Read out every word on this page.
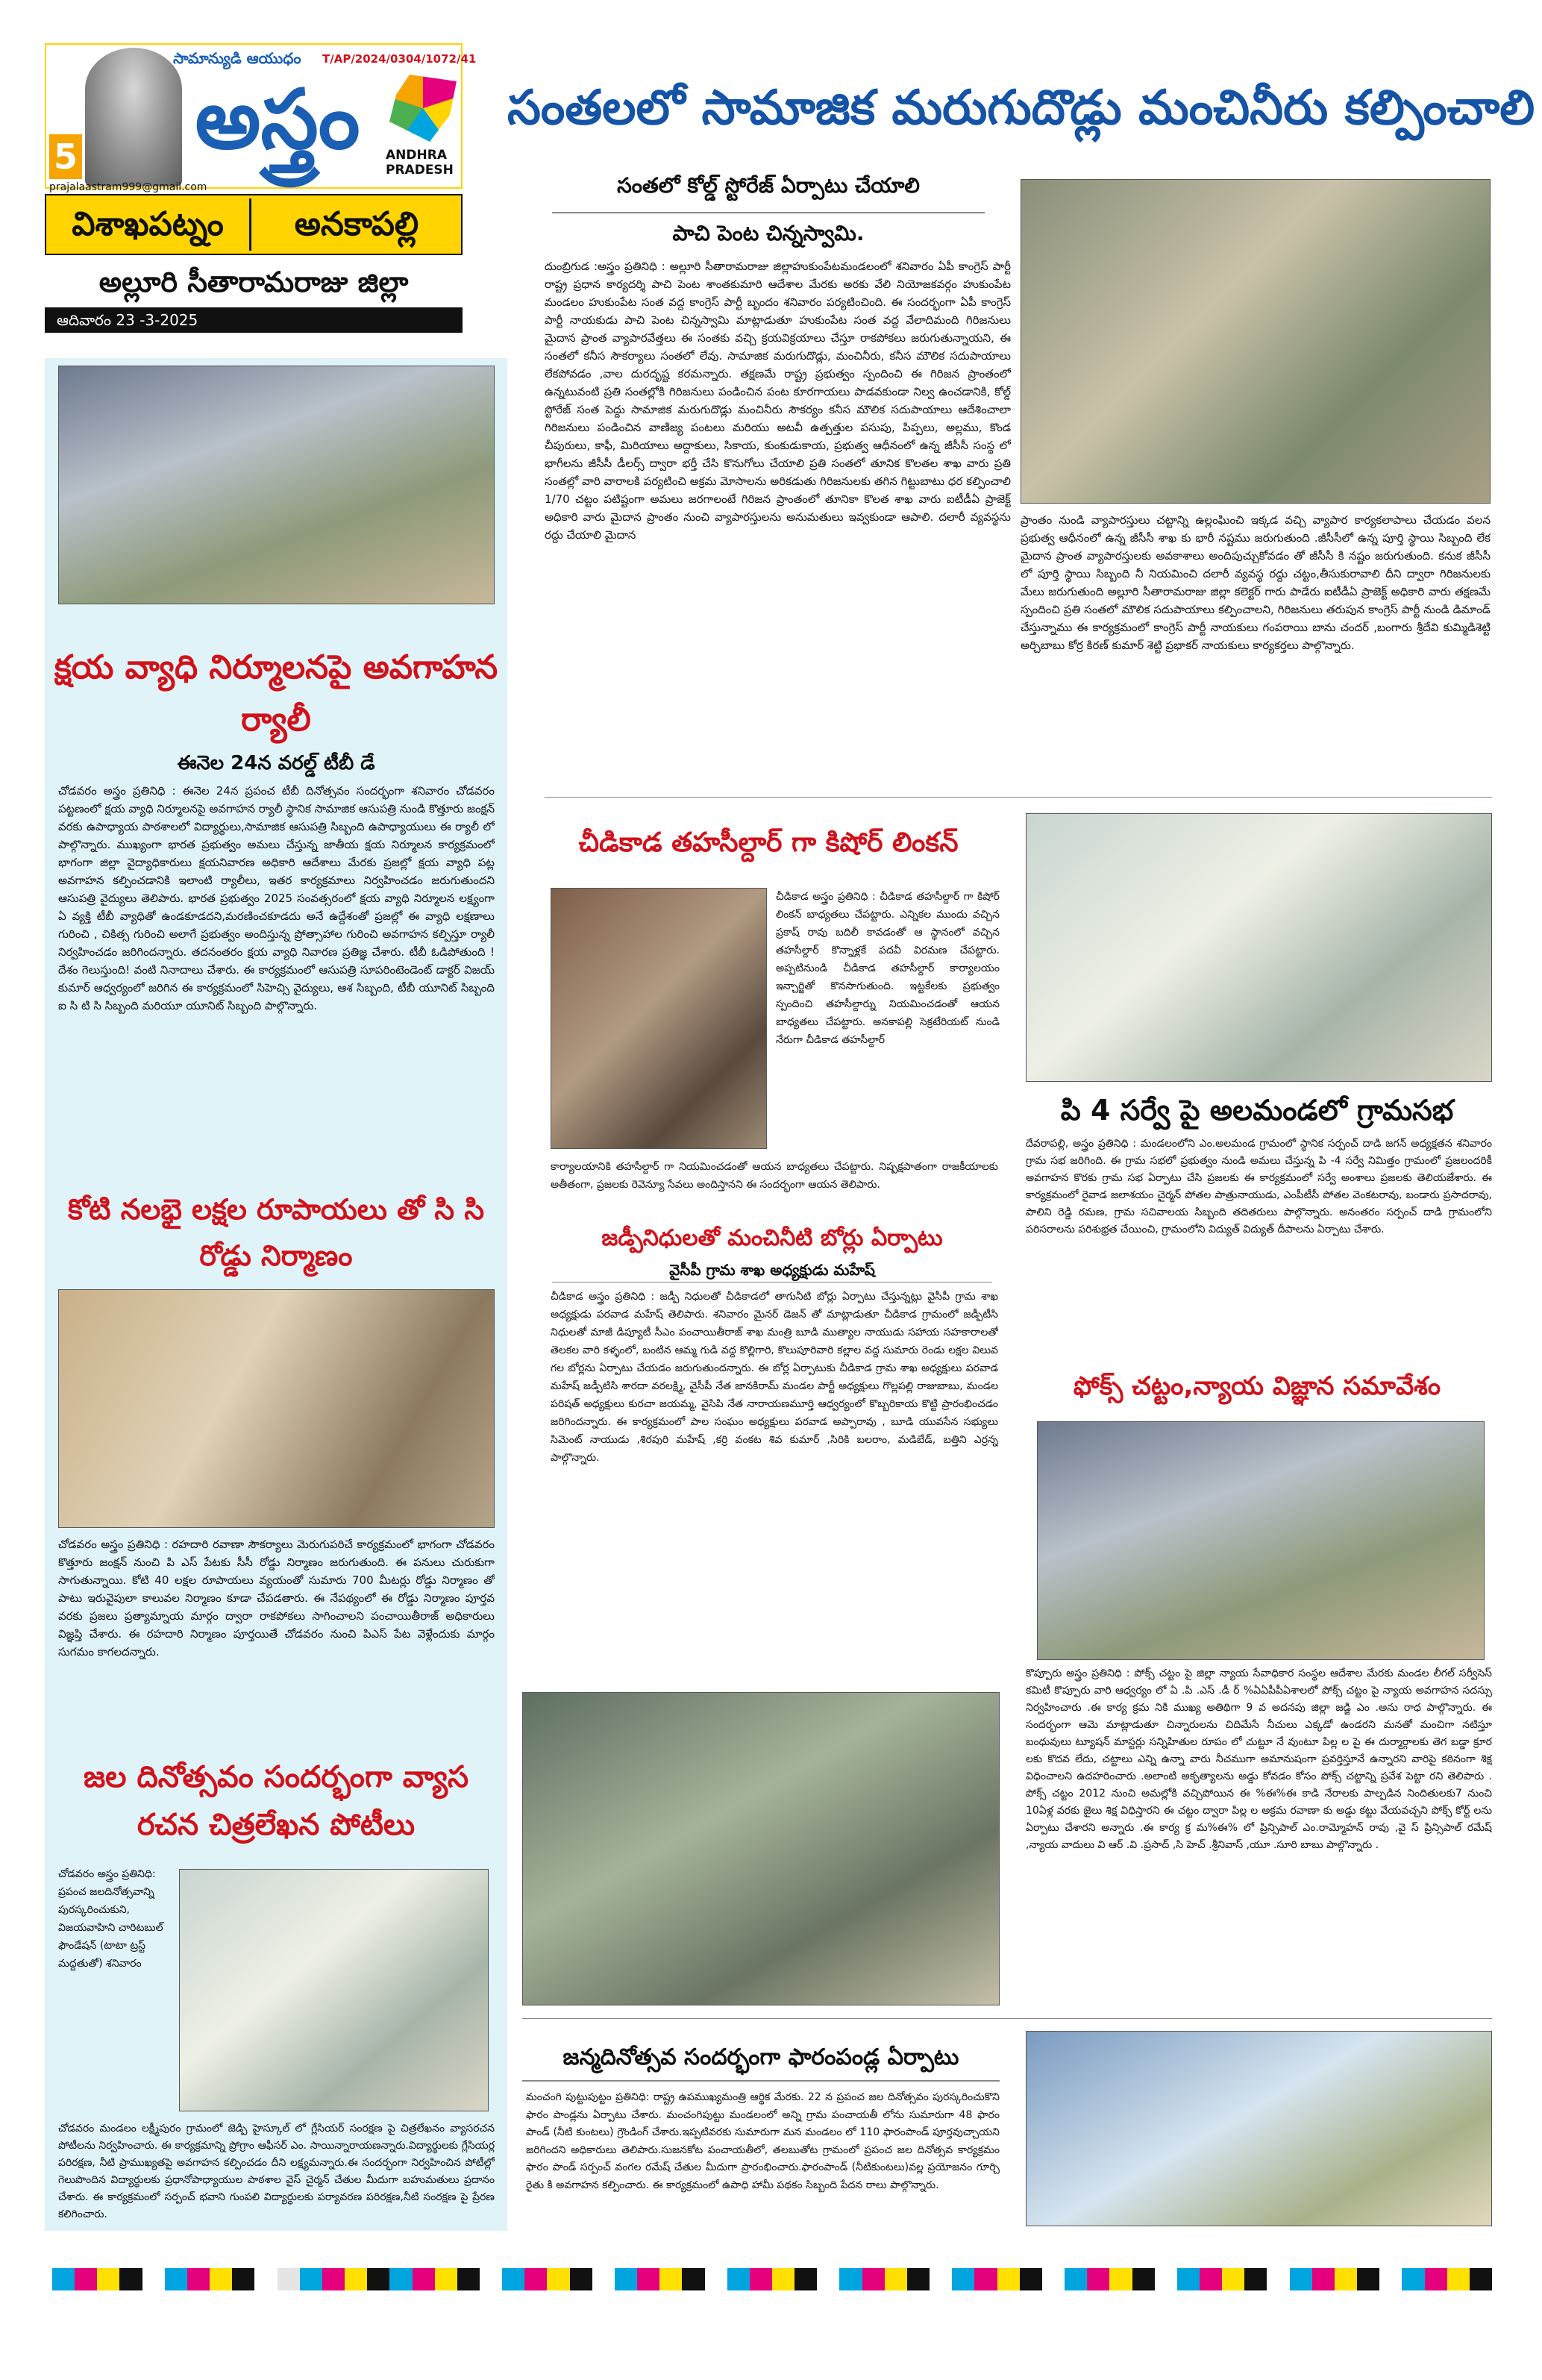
5
సామాన్యుడి ఆయుధం	T/AP/2024/0304/1072/41
అస్త్రం	ANDHRA PRADESH
prajalaastram999@gmail.com
విశాఖపట్నం	అనకాపల్లి
అల్లూరి సీతారామరాజు జిల్లా
ఆదివారం 23 -3-2025
సంతలలో సామాజిక మరుగుదొడ్లు మంచినీరు కల్పించాలి
సంతలో కోల్డ్ స్టోరేజ్ ఏర్పాటు చేయాలి
పాచి పెంట చిన్నస్వామి.
దుంబ్రిగుడ :అస్త్రం ప్రతినిధి : అల్లూరి సీతారామరాజు జిల్లాహుకుంపేటమండలంలో శనివారం ఏపీ కాంగ్రెస్ పార్టీ రాష్ట్ర ప్రధాన కార్యదర్శి పాచి పెంట శాంతకుమారి ఆదేశాల మేరకు అరకు వేలి నియోజకవర్గం హుకుంపేట మండలం హుకుంపేట సంత వద్ద కాంగ్రెస్ పార్టీ బృందం శనివారం పర్యటించింది. ఈ సందర్భంగా ఏపీ కాంగ్రెస్ పార్టీ నాయకుడు పాచి పెంట చిన్నస్వామి మాట్లాడుతూ హుకుంపేట సంత వద్ద వేలాదిమంది గిరిజనులు మైదాన ప్రాంత వ్యాపారవేత్తలు ఈ సంతకు వచ్చి క్రయవిక్రయాలు చేస్తూ రాకపోకలు జరుగుతున్నాయని, ఈ సంతలో కనీస సౌకర్యాలు సంతలో లేవు. సామాజిక మరుగుదొడ్లు, మంచినీరు, కనీస మౌలిక సదుపాయాలు లేకపోవడం ,వాల దురదృష్ట కరమన్నారు. తక్షణమే రాష్ట్ర ప్రభుత్వం స్పందించి ఈ గిరిజన ప్రాంతంలో ఉన్నటువంటి ప్రతి సంతల్లోకి గిరిజనులు పండించిన పంట కూరగాయలు పాడవకుండా నిల్వ ఉంచడానికి, కోల్డ్ స్టోరేజ్ సంత పెద్దు సామాజిక మరుగుదొడ్లు మంచినీరు సౌకర్యం కనీస మౌలిక సదుపాయాలు ఆదేశించాలా గిరిజనులు పండించిన వాణిజ్య పంటలు మరియు అటవీ ఉత్పత్తుల పసుపు, పిప్పలు, అల్లము, కొండ చీపురులు, కాఫీ, మిరియాలు అద్దాకులు, సికాయ, కుంకుడుకాయ, ప్రభుత్వ ఆధీనంలో ఉన్న జీసీసీ సంస్థ లో భాగీలను జీసీసీ డీలర్స్ ద్వారా భర్తీ చేసి కొనుగోలు చేయాలి ప్రతి సంతలో తూనిక కొలతల శాఖ వారు ప్రతి సంతల్లో వారి వారాలకి పర్యటించి అక్రమ మోసాలను అరికడుతు గిరిజనులకు తగిన గిట్టుబాటు ధర కల్పించాలి 1/70 చట్టం పటిష్టంగా అమలు జరగాలంటే గిరిజన ప్రాంతంలో తూనికా కొలత శాఖ వారు ఐటీడీఏ ప్రాజెక్ట్ అధికారి వారు మైదాన ప్రాంతం నుంచి వ్యాపారస్తులను అనుమతులు ఇవ్వకుండా ఆపాలి. దలారీ వ్యవస్థను రద్దు చేయాలి మైదాన
ప్రాంతం నుండి వ్యాపారస్తులు చట్టాన్ని ఉల్లంఘించి ఇక్కడ వచ్చి వ్యాపార కార్యకలాపాలు చేయడం వలన ప్రభుత్వ ఆధీనంలో ఉన్న జీసీసీ శాఖ కు భారీ నష్టము జరుగుతుంది .జీసీసీలో ఉన్న పూర్తి స్థాయి సిబ్బంది లేక మైదాన ప్రాంత వ్యాపారస్తులకు అవకాశాలు అందిపుచ్చుకోవడం తో జీసీసీ కి నష్టం జరుగుతుంది. కనుక జీసీసీ లో పూర్తి స్థాయి సిబ్బంది నీ నియమించి దలారీ వ్యవస్థ రద్దు చట్టం,తీసుకురావాలి దీని ద్వారా గిరిజనులకు మేలు జరుగుతుంది అల్లూరి సీతారామరాజు జిల్లా కలెక్టర్ గారు పాడేరు ఐటీడీఏ ప్రాజెక్ట్ అధికారి వారు తక్షణమే స్పందించి ప్రతి సంతలో మౌలిక సదుపాయాలు కల్పించాలని, గిరిజనులు తరుపున కాంగ్రెస్ పార్టీ నుండి డిమాండ్ చేస్తున్నాము ఈ కార్యక్రమంలో కాంగ్రెస్ పార్టీ నాయకులు గంపరాయి బాను చందర్ ,బంగారు శ్రీదేవి కుమ్మిడిశెట్టి అర్చిబాబు కోర్ర కిరణ్ కుమార్ శెట్టి ప్రభాకర్ నాయకులు కార్యకర్తలు పాల్గొన్నారు.
క్షయ వ్యాధి నిర్మూలనపై అవగాహన ర్యాలీ
ఈనెల 24న వరల్డ్ టీబీ డే
చోడవరం అస్త్రం ప్రతినిధి : ఈనెల 24న ప్రపంచ టీబీ దినోత్సవం సందర్భంగా శనివారం చోడవరం పట్టణంలో క్షయ వ్యాధి నిర్మూలనపై అవగాహన ర్యాలీ స్థానిక సామాజిక ఆసుపత్రి నుండి కొత్తూరు జంక్షన్ వరకు ఉపాధ్యాయ పాఠశాలలో విద్యార్థులు,సామాజిక ఆసుపత్రి సిబ్బంది ఉపాధ్యాయులు ఈ ర్యాలీ లో పాల్గొన్నారు. ముఖ్యంగా భారత ప్రభుత్వం అమలు చేస్తున్న జాతీయ క్షయ నిర్మూలన కార్యక్రమంలో భాగంగా జిల్లా వైద్యాధికారులు క్షయనివారణ అధికారి ఆదేశాలు మేరకు ప్రజల్లో క్షయ వ్యాధి పట్ల అవగాహన కల్పించడానికి ఇలాంటి ర్యాలీలు, ఇతర కార్యక్రమాలు నిర్వహించడం జరుగుతుందని ఆసుపత్రి వైద్యులు తెలిపారు. భారత ప్రభుత్వం 2025 సంవత్సరంలో క్షయ వ్యాధి నిర్మూలన లక్ష్యంగా ఏ వ్యక్తి టీబీ వ్యాధితో ఉండకూడదని,మరణించకూడదు అనే ఉద్దేశంతో ప్రజల్లో ఈ వ్యాధి లక్షణాలు గురించి , చికిత్స గురించి అలాగే ప్రభుత్వం అందిస్తున్న ప్రోత్సాహాల గురించి అవగాహన కల్పిస్తూ ర్యాలీ నిర్వహించడం జరిగిందన్నారు. తదనంతరం క్షయ వ్యాధి నివారణ ప్రతిజ్ఞ చేశారు. టీబీ ఓడిపోతుంది ! దేశం గెలుస్తుంది! వంటి నినాదాలు చేశారు. ఈ కార్యక్రమంలో ఆసుపత్రి సూపరింటెండెంట్ డాక్టర్ విజయ్ కుమార్ ఆధ్వర్యంలో జరిగిన ఈ కార్యక్రమంలో సిహెచ్సి వైద్యులు, ఆశ సిబ్బంది, టీబీ యూనిట్ సిబ్బంది ఐ సి టి సి సిబ్బంది మరియూ యూనిట్ సిబ్బంది పాల్గొన్నారు.
కోటి నలభై లక్షల రూపాయలు తో సి సి రోడ్డు నిర్మాణం
చోడవరం అస్త్రం ప్రతినిధి : రహదారి రవాణా సౌకర్యాలు మెరుగుపరిచే కార్యక్రమంలో భాగంగా చోడవరం కొత్తూరు జంక్షన్ నుంచి పి ఎస్ పేటకు సీసీ రోడ్డు నిర్మాణం జరుగుతుంది. ఈ పనులు చురుకుగా సాగుతున్నాయి. కోటి 40 లక్షల రూపాయలు వ్యయంతో సుమారు 700 మీటర్లు రోడ్డు నిర్మాణం తో పాటు ఇరువైపులా కాలువల నిర్మాణం కూడా చేపడతారు. ఈ నేపథ్యంలో ఈ రోడ్డు నిర్మాణం పూర్తవ వరకు ప్రజలు ప్రత్యామ్నాయ మార్గం ద్వారా రాకపోకలు సాగించాలని పంచాయితీరాజ్ అధికారులు విజ్ఞప్తి చేశారు. ఈ రహదారి నిర్మాణం పూర్తయితే చోడవరం నుంచి పిఎస్ పేట వెళ్లేందుకు మార్గం సుగమం కాగలదన్నారు.
జల దినోత్సవం సందర్భంగా వ్యాస రచన చిత్రలేఖన పోటీలు
చోడవరం అస్త్రం ప్రతినిధి: ప్రపంచ జలదినోత్సవాన్ని పురస్కరించుకుని, విజయవాహిని చారిటబుల్ ఫౌండేషన్ (టాటా ట్రస్ట్ మద్దతుతో) శనివారం
చోడవరం మండలం లక్ష్మీపురం గ్రామంలో జెడ్పి హైస్కూల్ లో గ్లేసియర్ సంరక్షణ పై చిత్రలేఖనం వ్యాసరచన పోటీలను నిర్వహించారు. ఈ కార్యక్రమాన్ని ప్రోగ్రాం ఆఫీసర్ ఎం. సాయిన్నారాయణన్నారు.విద్యార్థులకు గ్లేసియర్ల పరిరక్షణ, నీటి ప్రాముఖ్యతపై అవగాహన కల్పించడం దీని లక్ష్యమన్నారు.ఈ సందర్భంగా నిర్వహించిన పోటీల్లో గెలుపొందిన విద్యార్థులకు ప్రధానోపాధ్యాయుల పాఠశాల వైస్ చైర్మన్ చేతుల మీదుగా బహుమతులు ప్రదానం చేశారు. ఈ కార్యక్రమంలో సర్పంచ్ భవాని గుంపలి విద్యార్థులకు పర్యావరణ పరిరక్షణ,నీటి సంరక్షణ పై ప్రేరణ కలిగించారు.
చీడికాడ తహసీల్దార్ గా కిషోర్ లింకన్
చీడికాడ అస్త్రం ప్రతినిధి : చీడికాడ తహసీల్దార్ గా కిషోర్ లింకన్ బాధ్యతలు చేపట్టారు. ఎన్నికల ముందు వచ్చిన ప్రకాష్ రావు బదిలీ కావడంతో ఆ స్థానంలో వచ్చిన తహసీల్దార్ కొన్నాళ్లకే పదవీ విరమణ చేపట్టారు. అప్పటినుండి చీడికాడ తహసీల్దార్ కార్యాలయం ఇన్చార్జితో కొనసాగుతుంది. ఇట్టకేలకు ప్రభుత్వం స్పందించి తహసీల్దార్ను నియమించడంతో ఆయన బాధ్యతలు చేపట్టారు. అనకాపల్లి సెక్రటేరియట్ నుండి నేరుగా చీడికాడ తహసీల్దార్
కార్యాలయానికి తహసీల్దార్ గా నియమించడంతో ఆయన బాధ్యతలు చేపట్టారు. నిష్పక్షపాతంగా రాజకీయాలకు అతీతంగా, ప్రజలకు రెవెన్యూ సేవలు అందిస్తానని ఈ సందర్భంగా ఆయన తెలిపారు.
జడ్పీనిధులతో మంచినీటి బోర్లు ఏర్పాటు
వైసీపీ గ్రామ శాఖ అధ్యక్షుడు మహేష్
చీడికాడ అస్త్రం ప్రతినిధి : జడ్పీ నిధులతో చీడికాడలో తాగునీటి బోర్లు ఏర్పాటు చేస్తున్నట్లు వైసీపీ గ్రామ శాఖ అధ్యక్షుడు పరవాడ మహేష్ తెలిపారు. శనివారం మైనర్ డెజన్ తో మాట్లాడుతూ చీడికాడ గ్రామంలో జడ్పీటీసి నిధులతో మాజీ డిప్యూటీ సీఎం పంచాయితీరాజ్ శాఖ మంత్రి బూడి ముత్యాల నాయుడు సహాయ సహకారాలతో తెలకల వారి కళ్ళంలో, బంటిన ఆమ్మ గుడి వద్ద కొల్లిగారి, కొలుపూరివారి కల్లాల వద్ద సుమారు రెండు లక్షల విలువ గల బోర్లను ఏర్పాటు చేయడం జరుగుతుందన్నారు. ఈ బోర్ల ఏర్పాటుకు చీడికాడ గ్రామ శాఖ అధ్యక్షులు పరవాడ మహేష్ జడ్పీటిసి శారదా వరలక్ష్మి, వైసీపీ నేత జానకిరామ్ మండల పార్టీ అధ్యక్షులు గొల్లపల్లి రాజుబాబు, మండల పరిషత్ అధ్యక్షులు కురచా జయమ్మ, వైసిపి నేత నారాయణమూర్తి ఆధ్వర్యంలో కొబ్బరికాయ కొట్టి ప్రారంభించడం జరిగిందన్నారు. ఈ కార్యక్రమంలో పాల సంఘం అధ్యక్షులు పరవాడ అప్పారావు , బూడి యువసేన సభ్యులు సిమెంట్ నాయుడు ,శిరపురి మహేష్ ,కర్రి వంకట శివ కుమార్ ,సిరికి బలరాం, మడిబేడ్, బత్తిని ఎర్రన్న పాల్గొన్నారు.
పి 4 సర్వే పై అలమండలో గ్రామసభ
దేవరాపల్లి, అస్త్రం ప్రతినిధి : మండలంలోని ఎం.అలమండ గ్రామంలో స్థానిక సర్పంచ్ దాడి జగన్ అధ్యక్షతన శనివారం గ్రామ సభ జరిగింది. ఈ గ్రామ సభలో ప్రభుత్వం నుండి అమలు చేస్తున్న పి -4 సర్వే నిమిత్తం గ్రామంలో ప్రజలందరికీ అవగాహన కొరకు గ్రామ సభ ఏర్పాటు చేసి ప్రజలకు ఈ కార్యక్రమంలో సర్వే అంశాలు ప్రజలకు తెలియజేశారు. ఈ కార్యక్రమంలో రైవాడ జలాశయం చైర్మన్ పోతల పాత్రునాయుడు, ఎంపీటీసీ పోతల వెంకటరావు, బండారు ప్రసాదరావు, పాలిని రెడ్డి రమణ, గ్రామ సచివాలయ సిబ్బంది తదితరులు పాల్గొన్నారు. అనంతరం సర్పంచ్ దాడి గ్రామంలోని పరిసరాలను పరిశుభ్రత చేయించి, గ్రామంలోని విద్యుత్ విద్యుత్ దీపాలను ఏర్పాటు చేశారు.
ఫోక్స్ చట్టం,న్యాయ విజ్ఞాన సమావేశం
కొప్పూరు అస్త్రం ప్రతినిధి : పోక్స్ చట్టం పై జిల్లా న్యాయ సేవాధికార సంస్థల ఆదేశాల మేరకు మండల లీగల్ సర్వీసెస్ కమిటీ కొప్పూరు వారి ఆధ్వర్యం లో ఏ .పి .ఎస్ .డీ ర్ %ఏఏపీపీఏశాలలో పోక్స్ చట్టం పై న్యాయ అవగాహన సదస్సు నిర్వహించారు .ఈ కార్య క్రమ నికి ముఖ్య అతిథిగా 9 వ అదనపు జిల్లా జడ్జి ఎం .అను రాధ పాల్గొన్నారు. ఈ సందర్భంగా ఆమె మాట్లాడుతూ చిన్నారులను చిదిమేసే నీచులు ఎక్కడో ఉండరని మనతో మంచిగా నటిస్తూ బంధువులు ట్యూషన్ మాస్టర్లు సన్నిహితుల రూపం లో చుట్టూ నే వుంటూ పిల్ల ల పై ఈ దుర్మార్గాలకు తెగ బడ్డా క్రూర లకు కొదవ లేదు, చట్టాలు ఎన్ని ఉన్నా వారు నీచముగా అమానుషంగా ప్రవర్తిస్తూనే ఉన్నారని వారిపై కఠినంగా శిక్ష విధించాలని ఉదహరించారు .అలాంటి అకృత్యాలను అడ్డు కోవడం కోసం పోక్స్ చట్టాన్ని ప్రవేశ పెట్టా రని తెలిపారు . పోక్స్ చట్టం 2012 నుంచి అమల్లోకి వచ్చిపోయిన ఈ %ఈ%ఈ కాడి నేరాలకు పాల్పడిన నిందితులకు7 నుంచి 10ఏళ్ల వరకు జైలు శిక్ష విధిస్తారని ఈ చట్టం ద్వారా పిల్ల ల అక్రమ రవాణా కు అడ్డు కట్టు వేయవచ్చని పోక్స్ కోర్ట్ లను ఏర్పాటు చేశారని అన్నారు .ఈ కార్య క్ర మ%ఈ% లో ప్రిన్సిపాల్ ఎం.రామ్మోహన్ రావు ,వై స్ ప్రిన్సిపాల్ రమేష్ ,న్యాయ వాదులు వి ఆర్ .వి .ప్రసాద్ ,సి హెచ్ .శ్రీనివాస్ ,యూ .సూరి బాబు పాల్గొన్నారు .
జన్మదినోత్సవ సందర్భంగా ఫారంపండ్ల ఏర్పాటు
మంచంగి పుట్టుపుట్టం ప్రతినిధి: రాష్ట్ర ఉపముఖ్యమంత్రి ఆర్థిక మేరకు. 22 న ప్రపంచ జల దినోత్సవం పురస్కరించుకొని ఫారం పాండ్లను ఏర్పాటు చేశారు. మంచంగిపుట్టు మండలంలో అన్ని గ్రామ పంచాయతీ లోను సుమారుగా 48 ఫారం పాండ్ (నీటి కుంటలు) గ్రౌండింగ్ చేశారు.ఇప్పటివరకు సుమారుగా మన మండలం లో 110 ఫారంపాండ్ పూర్తవుచ్చాయని జరిగిందని అధికారులు తెలిపారు.సుజనకోట పంచాయతీలో, తలబుతోట గ్రామంలో ప్రపంచ జల దినోత్సవ కార్యక్రమం ఫారం పాండ్ సర్పంచ్ వంగల రమేష్ చేతుల మీదుగా ప్రారంభించారు.ఫారంపాండ్ (నీటికుంటలు)వల్ల ప్రయోజనం గూర్చి రైతు కి అవగాహన కల్పించారు. ఈ కార్యక్రమంలో ఉపాధి హామీ పథకం సిబ్బంది పేదన రాలు పాల్గొన్నారు.
